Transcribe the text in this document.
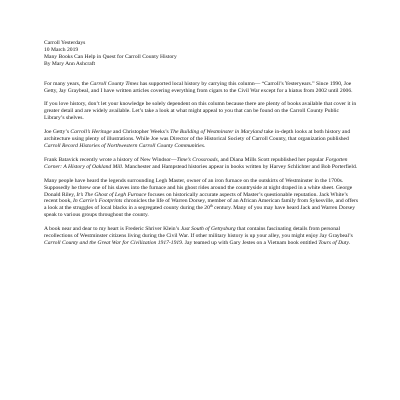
Carroll Yesterdays

10 March 2019

Many Books Can Help in Quest for Carroll County History

By Mary Ann Ashcraft

For many years, the Carroll County Times has supported local history by carrying this column— “Carroll’s Yesteryears.” Since 1990, Joe Getty, Jay Graybeal, and I have written articles covering everything from cigars to the Civil War except for a hiatus from 2002 until 2006.

If you love history, don’t let your knowledge be solely dependent on this column because there are plenty of books available that cover it in greater detail and are widely available. Let’s take a look at what might appeal to you that can be found on the Carroll County Public Library’s shelves.

Joe Getty’s Carroll’s Heritage and Christopher Weeks’s The Building of Westminster in Maryland take in-depth looks at both history and architecture using plenty of illustrations. While Joe was Director of the Historical Society of Carroll County, that organization published Carroll Record Histories of Northwestern Carroll County Communities.

Frank Batavick recently wrote a history of New Windsor—Time’s Crossroads, and Diana Mills Scott republished her popular Forgotten Corner: A History of Oakland Mill. Manchester and Hampstead histories appear in books written by Harvey Schlichter and Bob Porterfield.

Many people have heard the legends surrounding Legh Master, owner of an iron furnace on the outskirts of Westminster in the 1700s. Supposedly he threw one of his slaves into the furnace and his ghost rides around the countryside at night draped in a white sheet. George Donald Riley, It’s The Ghost of Legh Furnace focuses on historically accurate aspects of Master’s questionable reputation. Jack White’s recent book, In Carrie’s Footprints chronicles the life of Warren Dorsey, member of an African American family from Sykesville, and offers a look at the struggles of local blacks in a segregated county during the 20th century. Many of you may have heard Jack and Warren Dorsey speak to various groups throughout the county.

A book near and dear to my heart is Frederic Shriver Klein’s Just South of Gettysburg that contains fascinating details from personal recollections of Westminster citizens living during the Civil War. If other military history is up your alley, you might enjoy Jay Graybeal’s Carroll County and the Great War for Civilization 1917-1919. Jay teamed up with Gary Jestes on a Vietnam book entitled Tours of Duty.
